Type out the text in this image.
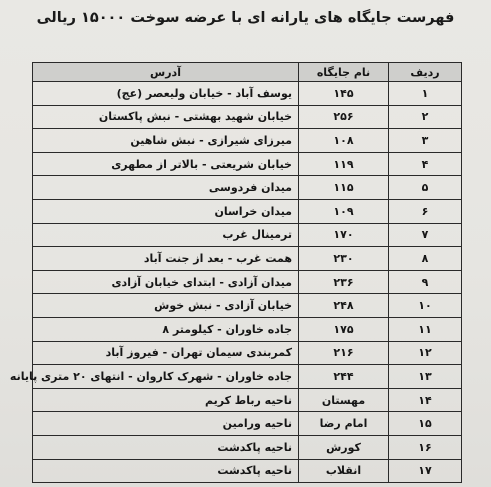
فهرست جایگاه های یارانه ای با عرضه سوخت ۱۵۰۰۰ ریالی
ردیف	نام جایگاه	آدرس
۱	۱۴۵	یوسف آباد - خیابان ولیعصر (عج)
۲	۲۵۶	خیابان شهید بهشتی - نبش پاکستان
۳	۱۰۸	میرزای شیرازی - نبش شاهین
۴	۱۱۹	خیابان شریعتی - بالاتر از مطهری
۵	۱۱۵	میدان فردوسی
۶	۱۰۹	میدان خراسان
۷	۱۷۰	ترمینال غرب
۸	۲۳۰	همت غرب - بعد از جنت آباد
۹	۲۳۶	میدان آزادی - ابتدای خیابان آزادی
۱۰	۲۴۸	خیابان آزادی - نبش خوش
۱۱	۱۷۵	جاده خاوران - کیلومتر ۸
۱۲	۲۱۶	کمربندی سیمان تهران - فیروز آباد
۱۳	۲۴۴	جاده خاوران - شهرک کاروان - انتهای ۲۰ متری پایانه
۱۴	مهستان	ناحیه رباط کریم
۱۵	امام رضا	ناحیه ورامین
۱۶	کورش	ناحیه پاکدشت
۱۷	انقلاب	ناحیه پاکدشت
